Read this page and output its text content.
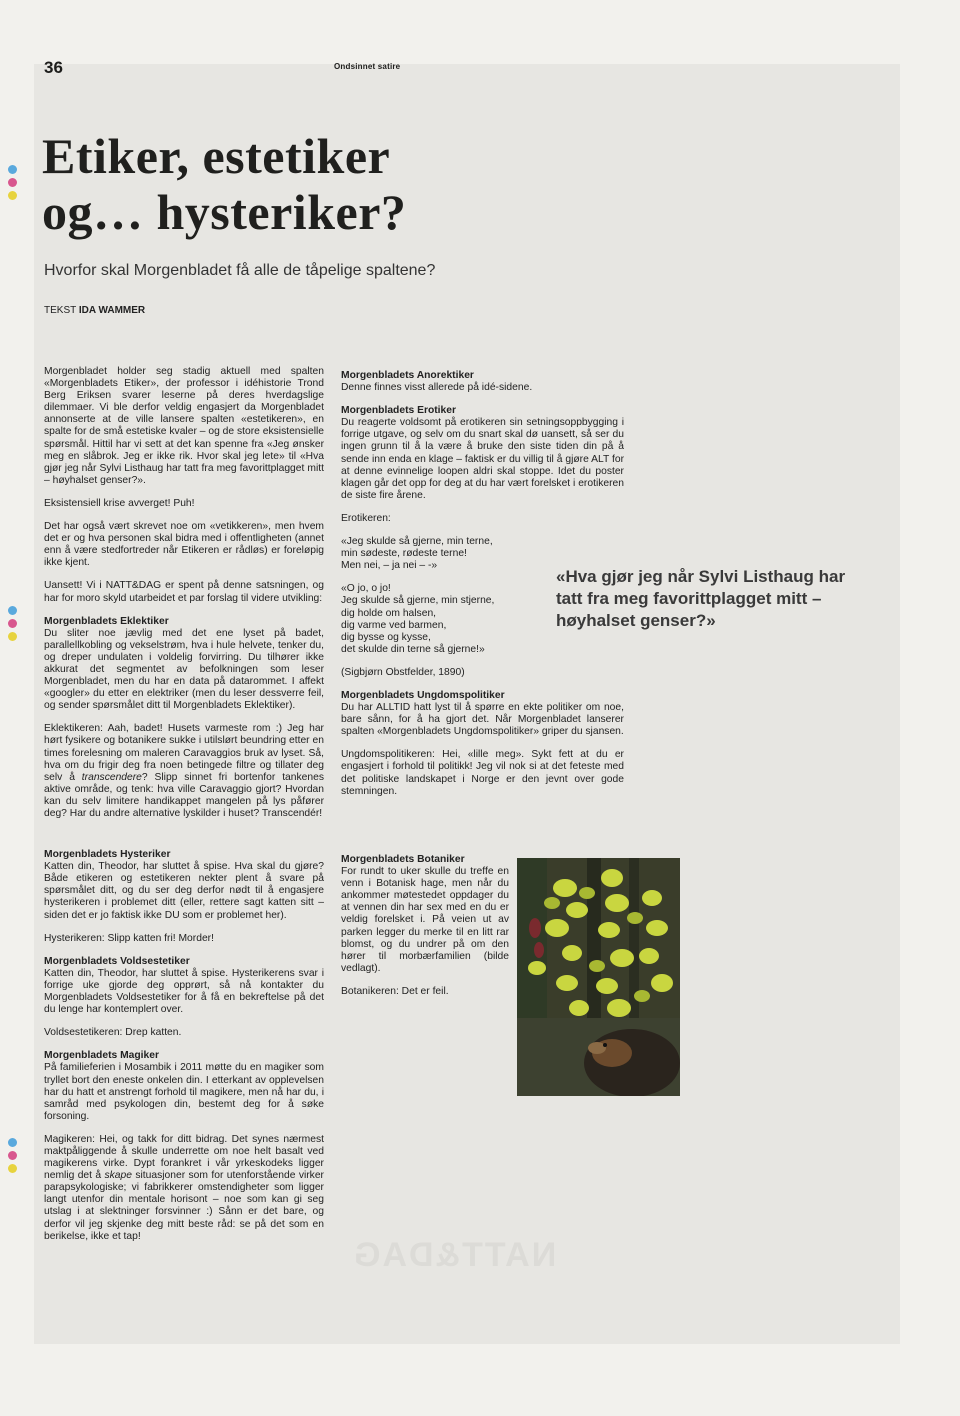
36	Ondsinnet satire
Etiker, estetiker
og… hysteriker?
Hvorfor skal Morgenbladet få alle de tåpelige spaltene?
TEKST IDA WAMMER

Morgenbladet holder seg stadig aktuell med spalten «Morgenbladets Etiker», der professor i idéhistorie Trond Berg Eriksen svarer leserne på deres hverdagslige dilemmaer. Vi ble derfor veldig engasjert da Morgenbladet annonserte at de ville lansere spalten «estetikeren», en spalte for de små estetiske kvaler – og de store eksistensielle spørsmål. Hittil har vi sett at det kan spenne fra «Jeg ønsker meg en slåbrok. Jeg er ikke rik. Hvor skal jeg lete» til «Hva gjør jeg når Sylvi Listhaug har tatt fra meg favorittplagget mitt – høyhalset genser?».

Eksistensiell krise avverget! Puh!

Det har også vært skrevet noe om «vetikkeren», men hvem det er og hva personen skal bidra med i offentligheten (annet enn å være stedfortreder når Etikeren er rådløs) er foreløpig ikke kjent.

Uansett! Vi i NATT&DAG er spent på denne satsningen, og har for moro skyld utarbeidet et par forslag til videre utvikling:

Morgenbladets Eklektiker

Du sliter noe jævlig med det ene lyset på badet, parallellkobling og vekselstrøm, hva i hule helvete, tenker du, og dreper undulaten i voldelig forvirring. Du tilhører ikke akkurat det segmentet av befolkningen som leser Morgenbladet, men du har en data på datarommet. I affekt «googler» du etter en elektriker (men du leser dessverre feil, og sender spørsmålet ditt til Morgenbladets Eklektiker).

Eklektikeren: Aah, badet! Husets varmeste rom :) Jeg har hørt fysikere og botanikere sukke i utilslørt beundring etter en times forelesning om maleren Caravaggios bruk av lyset. Så, hva om du frigir deg fra noen betingede filtre og tillater deg selv å transcendere? Slipp sinnet fri bortenfor tankenes aktive område, og tenk: hva ville Caravaggio gjort? Hvordan kan du selv limitere handikappet mangelen på lys påfører deg? Har du andre alternative lyskilder i huset? Transcendér!

Morgenbladets Hysteriker

Katten din, Theodor, har sluttet å spise. Hva skal du gjøre? Både etikeren og estetikeren nekter plent å svare på spørsmålet ditt, og du ser deg derfor nødt til å engasjere hysterikeren i problemet ditt (eller, rettere sagt katten sitt – siden det er jo faktisk ikke DU som er problemet her).

Hysterikeren: Slipp katten fri! Morder!

Morgenbladets Voldsestetiker

Katten din, Theodor, har sluttet å spise. Hysterikerens svar i forrige uke gjorde deg opprørt, så nå kontakter du Morgenbladets Voldsestetiker for å få en bekreftelse på det du lenge har kontemplert over.

Voldsestetikeren: Drep katten.

Morgenbladets Magiker

På familieferien i Mosambik i 2011 møtte du en magiker som tryllet bort den eneste onkelen din. I etterkant av opplevelsen har du hatt et anstrengt forhold til magikere, men nå har du, i samråd med psykologen din, bestemt deg for å søke forsoning.

Magikeren: Hei, og takk for ditt bidrag. Det synes nærmest maktpåliggende å skulle underrette om noe helt basalt ved magikerens virke. Dypt forankret i vår yrkeskodeks ligger nemlig det å skape situasjoner som for utenforstående virker parapsykologiske; vi fabrikkerer omstendigheter som ligger langt utenfor din mentale horisont – noe som kan gi seg utslag i at slektninger forsvinner :) Sånn er det bare, og derfor vil jeg skjenke deg mitt beste råd: se på det som en berikelse, ikke et tap!

Morgenbladets Anorektiker

Denne finnes visst allerede på idé-sidene.

Morgenbladets Erotiker

Du reagerte voldsomt på erotikeren sin setningsoppbygging i forrige utgave, og selv om du snart skal dø uansett, så ser du ingen grunn til å la være å bruke den siste tiden din på å sende inn enda en klage – faktisk er du villig til å gjøre ALT for at denne evinnelige loopen aldri skal stoppe. Idet du poster klagen går det opp for deg at du har vært forelsket i erotikeren de siste fire årene.

Erotikeren:

«Jeg skulde så gjerne, min terne,
min sødeste, rødeste terne!
Men nei, – ja nei – -»

«O jo, o jo!
Jeg skulde så gjerne, min stjerne,
dig holde om halsen,
dig varme ved barmen,
dig bysse og kysse,
det skulde din terne så gjerne!»

(Sigbjørn Obstfelder, 1890)

Morgenbladets Ungdomspolitiker

Du har ALLTID hatt lyst til å spørre en ekte politiker om noe, bare sånn, for å ha gjort det. Når Morgenbladet lanserer spalten «Morgenbladets Ungdomspolitiker» griper du sjansen.

Ungdomspolitikeren: Hei, «lille meg». Sykt fett at du er engasjert i forhold til politikk! Jeg vil nok si at det feteste med det politiske landskapet i Norge er den jevnt over gode stemningen.

Morgenbladets Botaniker

For rundt to uker skulle du treffe en venn i Botanisk hage, men når du ankommer møtestedet oppdager du at vennen din har sex med en du er veldig forelsket i. På veien ut av parken legger du merke til en litt rar blomst, og du undrer på om den hører til morbærfamilien (bilde vedlagt).

Botanikeren: Det er feil.

«Hva gjør jeg når Sylvi Listhaug har tatt fra meg favorittplagget mitt – høyhalset genser?»
NATT&DAG
